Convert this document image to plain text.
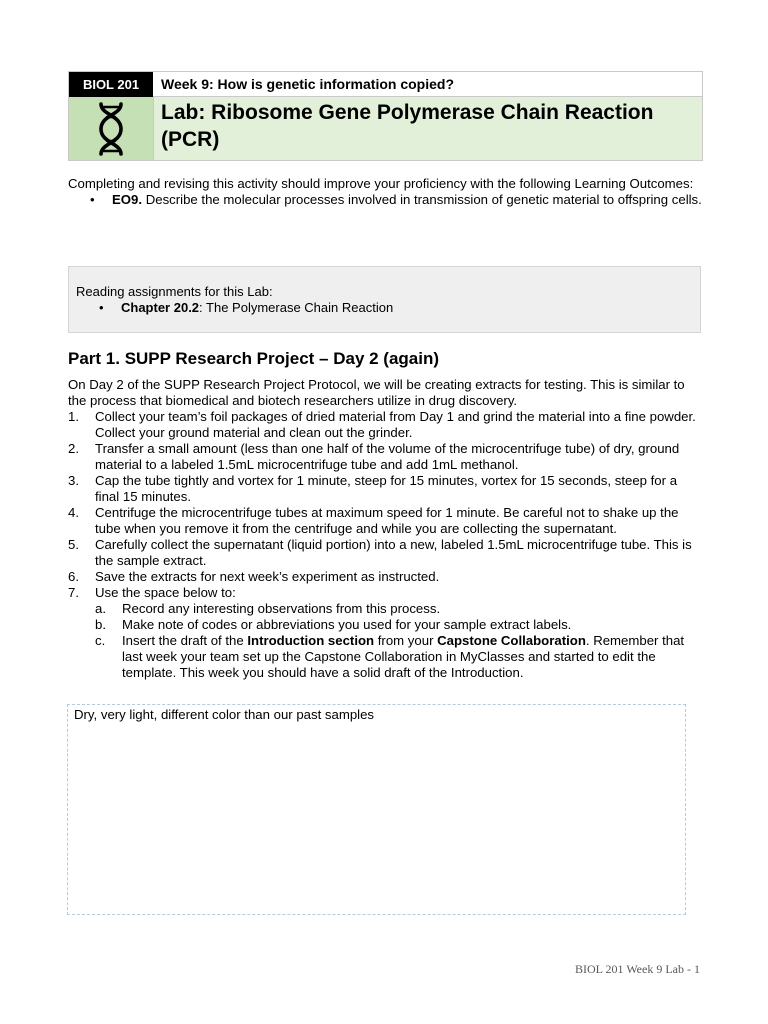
BIOL 201	Week 9: How is genetic information copied?
Lab: Ribosome Gene Polymerase Chain Reaction (PCR)

Completing and revising this activity should improve your proficiency with the following Learning Outcomes:

• EO9. Describe the molecular processes involved in transmission of genetic material to offspring cells.

Reading assignments for this Lab:

• Chapter 20.2: The Polymerase Chain Reaction
Part 1. SUPP Research Project – Day 2 (again)

On Day 2 of the SUPP Research Project Protocol, we will be creating extracts for testing. This is similar to the process that biomedical and biotech researchers utilize in drug discovery.

1. Collect your team’s foil packages of dried material from Day 1 and grind the material into a fine powder. Collect your ground material and clean out the grinder.
2. Transfer a small amount (less than one half of the volume of the microcentrifuge tube) of dry, ground material to a labeled 1.5mL microcentrifuge tube and add 1mL methanol.
3. Cap the tube tightly and vortex for 1 minute, steep for 15 minutes, vortex for 15 seconds, steep for a final 15 minutes.
4. Centrifuge the microcentrifuge tubes at maximum speed for 1 minute. Be careful not to shake up the tube when you remove it from the centrifuge and while you are collecting the supernatant.
5. Carefully collect the supernatant (liquid portion) into a new, labeled 1.5mL microcentrifuge tube. This is the sample extract.
6. Save the extracts for next week’s experiment as instructed.
7. Use the space below to:
a. Record any interesting observations from this process.
b. Make note of codes or abbreviations you used for your sample extract labels.
c. Insert the draft of the Introduction section from your Capstone Collaboration. Remember that last week your team set up the Capstone Collaboration in MyClasses and started to edit the template. This week you should have a solid draft of the Introduction.

Dry, very light, different color than our past samples

BIOL 201 Week 9 Lab - 1
